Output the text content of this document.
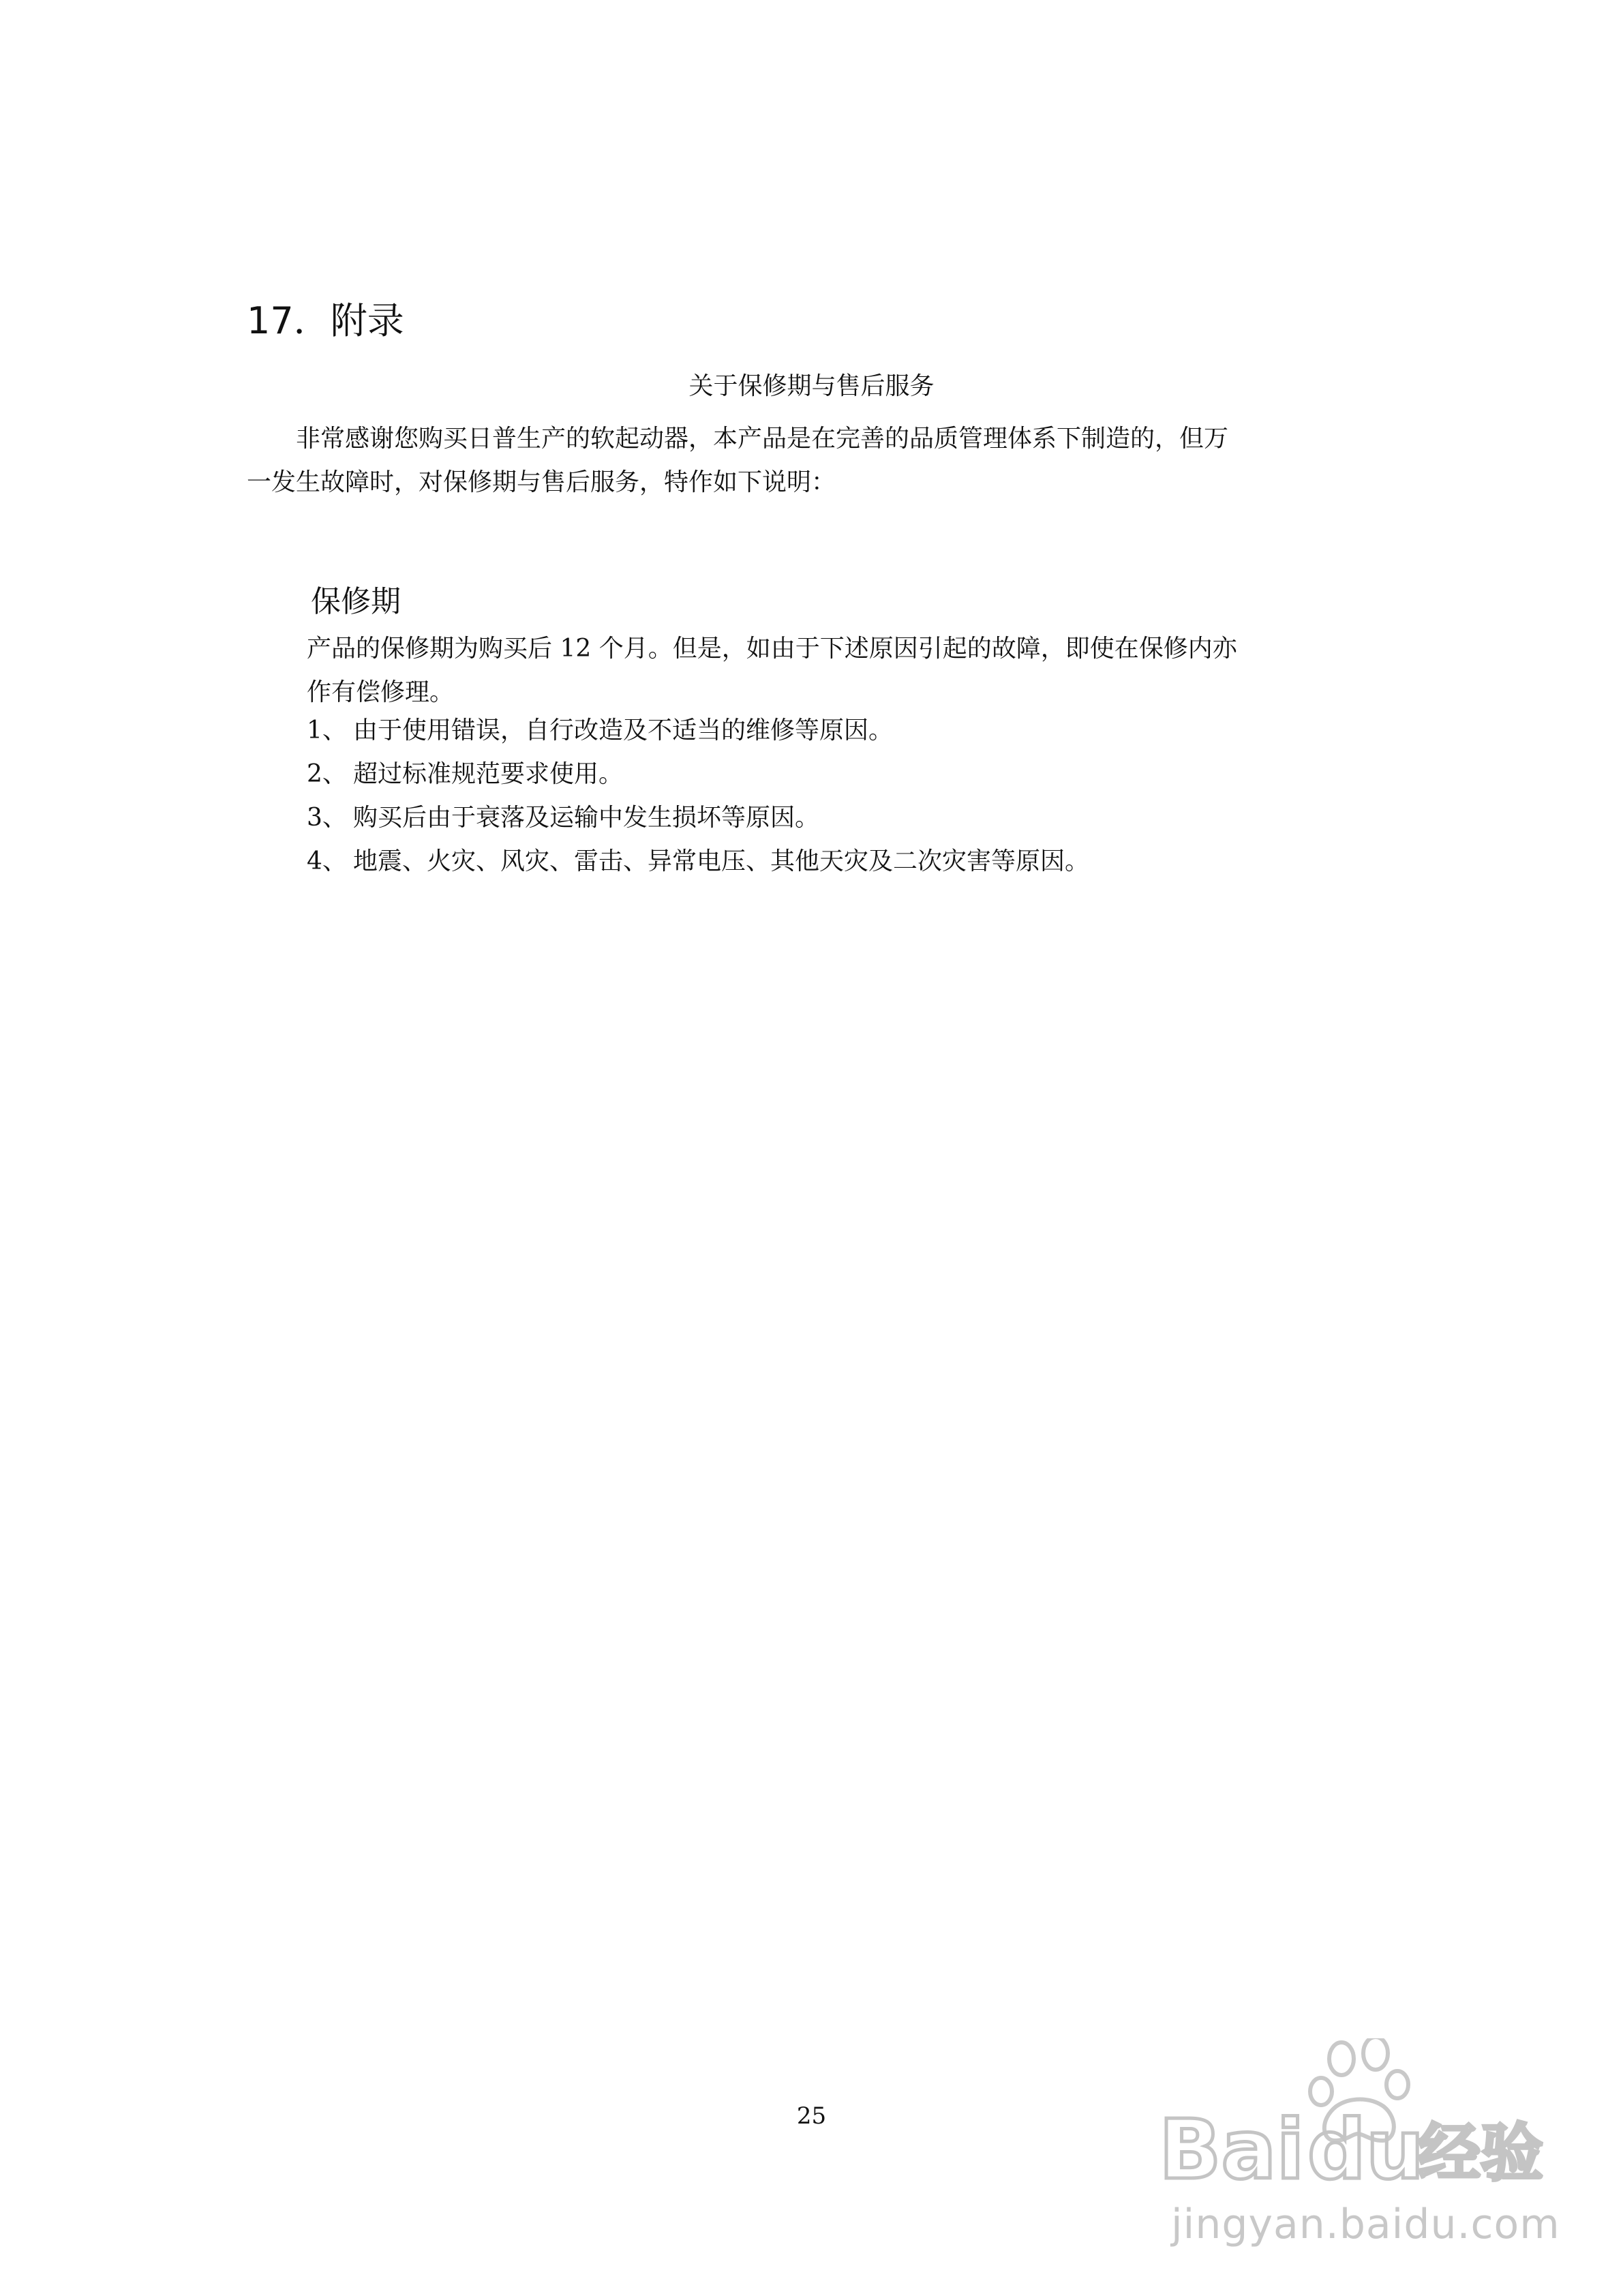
17．附录
关于保修期与售后服务

非常感谢您购买日普生产的软起动器，本产品是在完善的品质管理体系下制造的，但万
一发生故障时，对保修期与售后服务，特作如下说明：

保修期

产品的保修期为购买后 12 个月。但是，如由于下述原因引起的故障，即使在保修内亦
作有偿修理。

1、 由于使用错误，自行改造及不适当的维修等原因。
2、 超过标准规范要求使用。
3、 购买后由于衰落及运输中发生损坏等原因。
4、 地震、火灾、风灾、雷击、异常电压、其他天灾及二次灾害等原因。
25	Bai du
经验
jingyan.baidu.com
